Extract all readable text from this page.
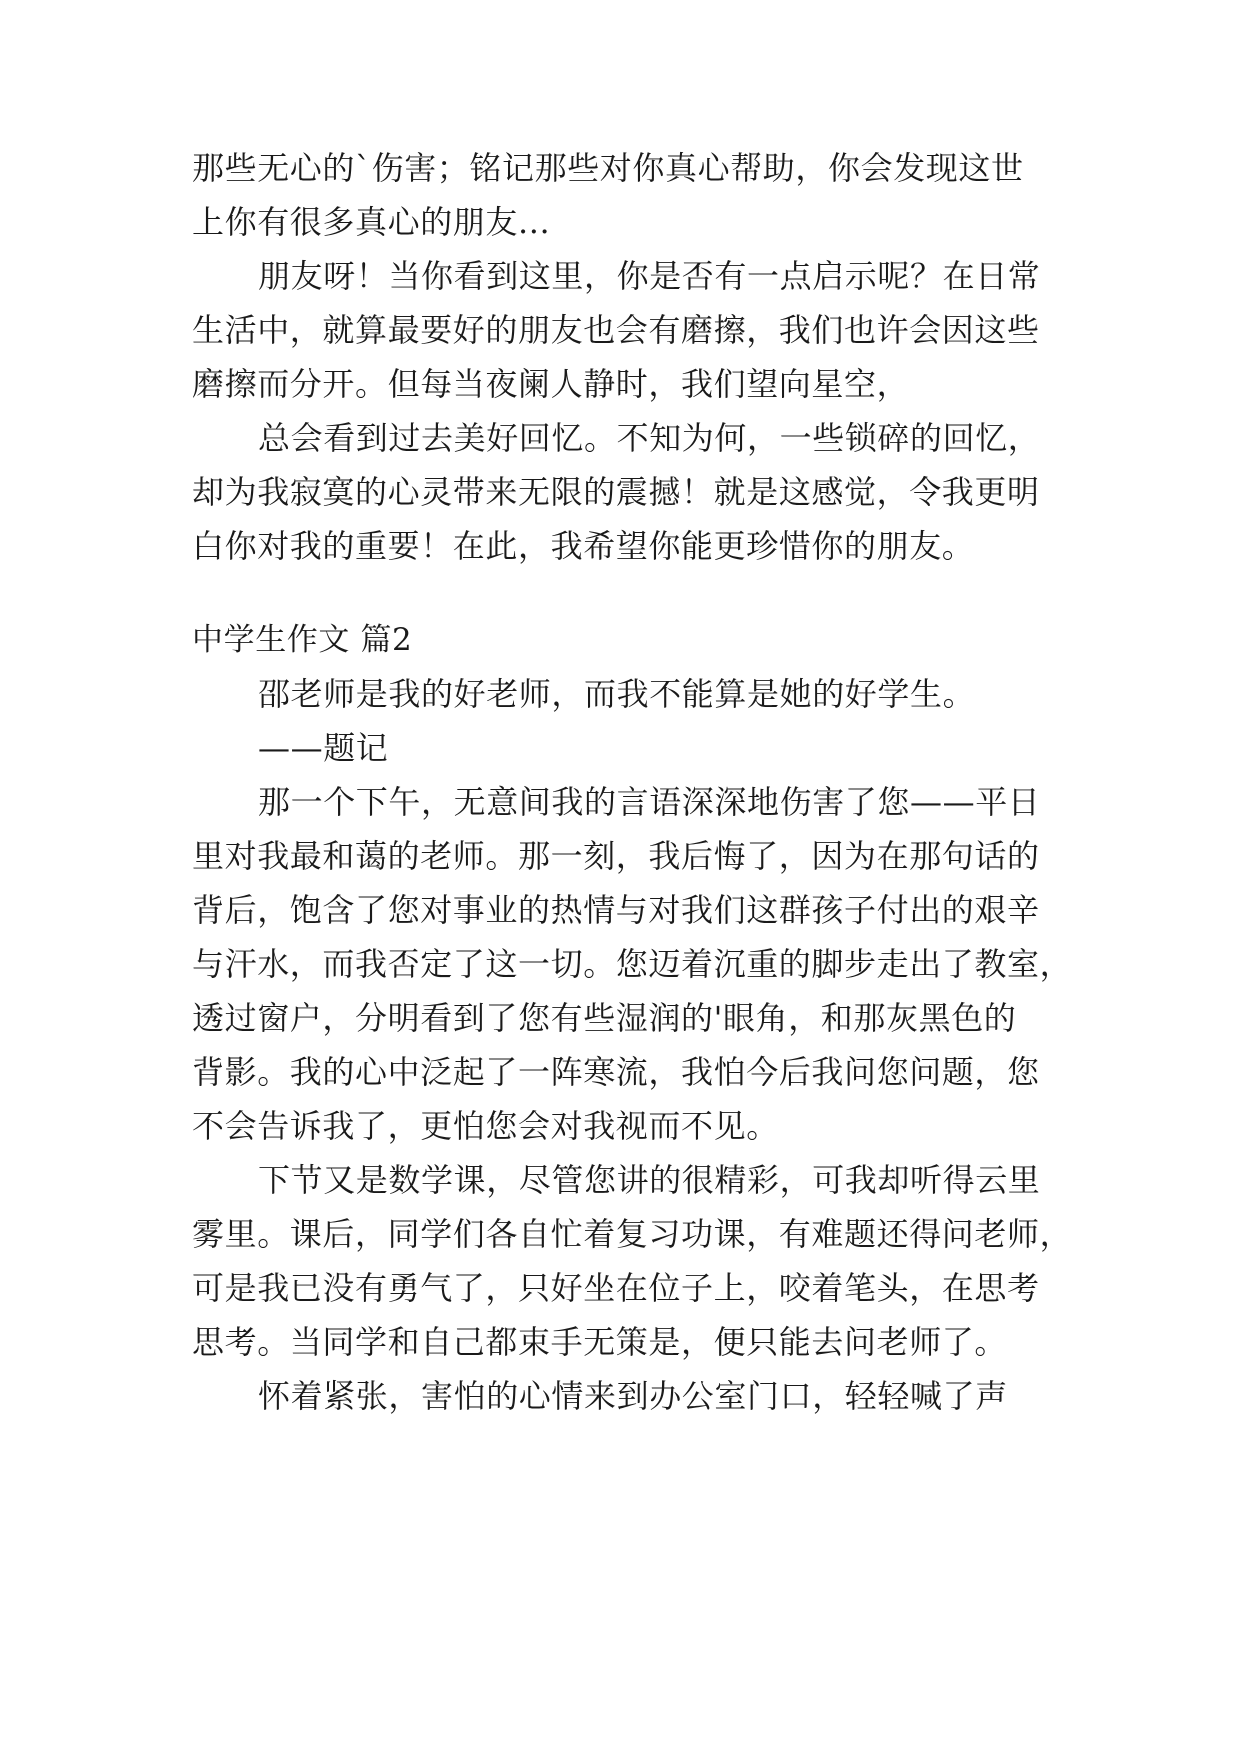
那些无心的`伤害；铭记那些对你真心帮助，你会发现这世
上你有很多真心的朋友...
朋友呀！当你看到这里，你是否有一点启示呢？在日常
生活中，就算最要好的朋友也会有磨擦，我们也许会因这些
磨擦而分开。但每当夜阑人静时，我们望向星空，
总会看到过去美好回忆。不知为何，一些锁碎的回忆，
却为我寂寞的心灵带来无限的震撼！就是这感觉，令我更明
白你对我的重要！在此，我希望你能更珍惜你的朋友。
中学生作文 篇2
邵老师是我的好老师，而我不能算是她的好学生。
——题记
那一个下午，无意间我的言语深深地伤害了您——平日
里对我最和蔼的老师。那一刻，我后悔了，因为在那句话的
背后，饱含了您对事业的热情与对我们这群孩子付出的艰辛
与汗水，而我否定了这一切。您迈着沉重的脚步走出了教室，
透过窗户，分明看到了您有些湿润的'眼角，和那灰黑色的
背影。我的心中泛起了一阵寒流，我怕今后我问您问题，您
不会告诉我了，更怕您会对我视而不见。
下节又是数学课，尽管您讲的很精彩，可我却听得云里
雾里。课后，同学们各自忙着复习功课，有难题还得问老师，
可是我已没有勇气了，只好坐在位子上，咬着笔头，在思考
思考。当同学和自己都束手无策是，便只能去问老师了。
怀着紧张，害怕的心情来到办公室门口，轻轻喊了声
